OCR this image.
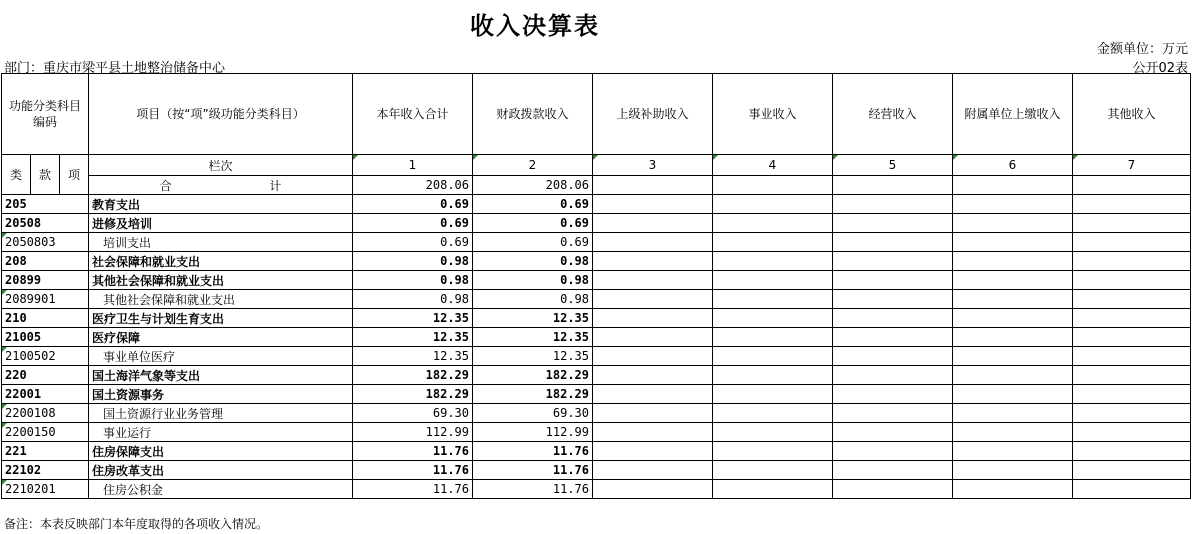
收入决算表
金额单位：万元
部门：重庆市梁平县土地整治储备中心	公开02表
功能分类科目编码			项目（按“项”级功能分类科目）	本年收入合计	财政拨款收入	上级补助收入	事业收入	经营收入	附属单位上缴收入	其他收入
类	款	项	栏次	1	2	3	4	5	6	7
			合 计	208.06	208.06					
205			教育支出	0.69	0.69					
20508			进修及培训	0.69	0.69					
2050803			培训支出	0.69	0.69					
208			社会保障和就业支出	0.98	0.98					
20899			其他社会保障和就业支出	0.98	0.98					
2089901			其他社会保障和就业支出	0.98	0.98					
210			医疗卫生与计划生育支出	12.35	12.35					
21005			医疗保障	12.35	12.35					
2100502			事业单位医疗	12.35	12.35					
220			国土海洋气象等支出	182.29	182.29					
22001			国土资源事务	182.29	182.29					
2200108			国土资源行业业务管理	69.30	69.30					
2200150			事业运行	112.99	112.99					
221			住房保障支出	11.76	11.76					
22102			住房改革支出	11.76	11.76					
2210201			住房公积金	11.76	11.76					
备注：本表反映部门本年度取得的各项收入情况。
